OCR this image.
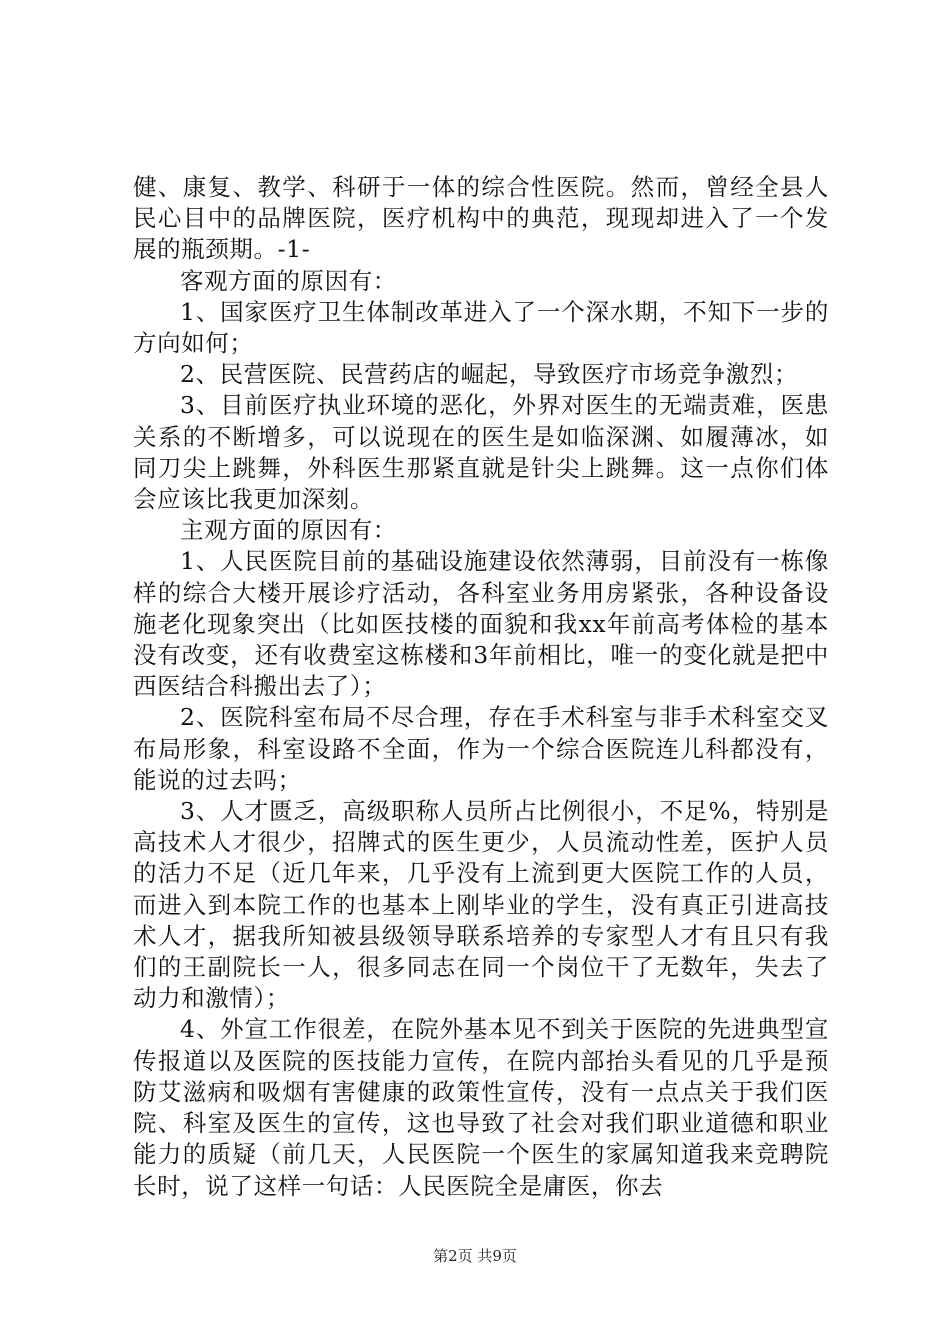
健、康复、教学、科研于一体的综合性医院。然而，曾经全县人民心目中的品牌医院，医疗机构中的典范，现现却进入了一个发展的瓶颈期。-1-

客观方面的原因有：

1、国家医疗卫生体制改革进入了一个深水期，不知下一步的方向如何；

2、民营医院、民营药店的崛起，导致医疗市场竞争激烈；

3、目前医疗执业环境的恶化，外界对医生的无端责难，医患关系的不断增多，可以说现在的医生是如临深渊、如履薄冰，如同刀尖上跳舞，外科医生那紧直就是针尖上跳舞。这一点你们体会应该比我更加深刻。

主观方面的原因有：

1、人民医院目前的基础设施建设依然薄弱，目前没有一栋像样的综合大楼开展诊疗活动，各科室业务用房紧张，各种设备设施老化现象突出（比如医技楼的面貌和我xx年前高考体检的基本没有改变，还有收费室这栋楼和3年前相比，唯一的变化就是把中西医结合科搬出去了）；

2、医院科室布局不尽合理，存在手术科室与非手术科室交叉布局形象，科室设路不全面，作为一个综合医院连儿科都没有，能说的过去吗；

3、人才匮乏，高级职称人员所占比例很小，不足%，特别是高技术人才很少，招牌式的医生更少，人员流动性差，医护人员的活力不足（近几年来，几乎没有上流到更大医院工作的人员，而进入到本院工作的也基本上刚毕业的学生，没有真正引进高技术人才，据我所知被县级领导联系培养的专家型人才有且只有我们的王副院长一人，很多同志在同一个岗位干了无数年，失去了动力和激情）；

4、外宣工作很差，在院外基本见不到关于医院的先进典型宣传报道以及医院的医技能力宣传，在院内部抬头看见的几乎是预防艾滋病和吸烟有害健康的政策性宣传，没有一点点关于我们医院、科室及医生的宣传，这也导致了社会对我们职业道德和职业能力的质疑（前几天，人民医院一个医生的家属知道我来竞聘院长时，说了这样一句话：人民医院全是庸医，你去

第2页 共9页
